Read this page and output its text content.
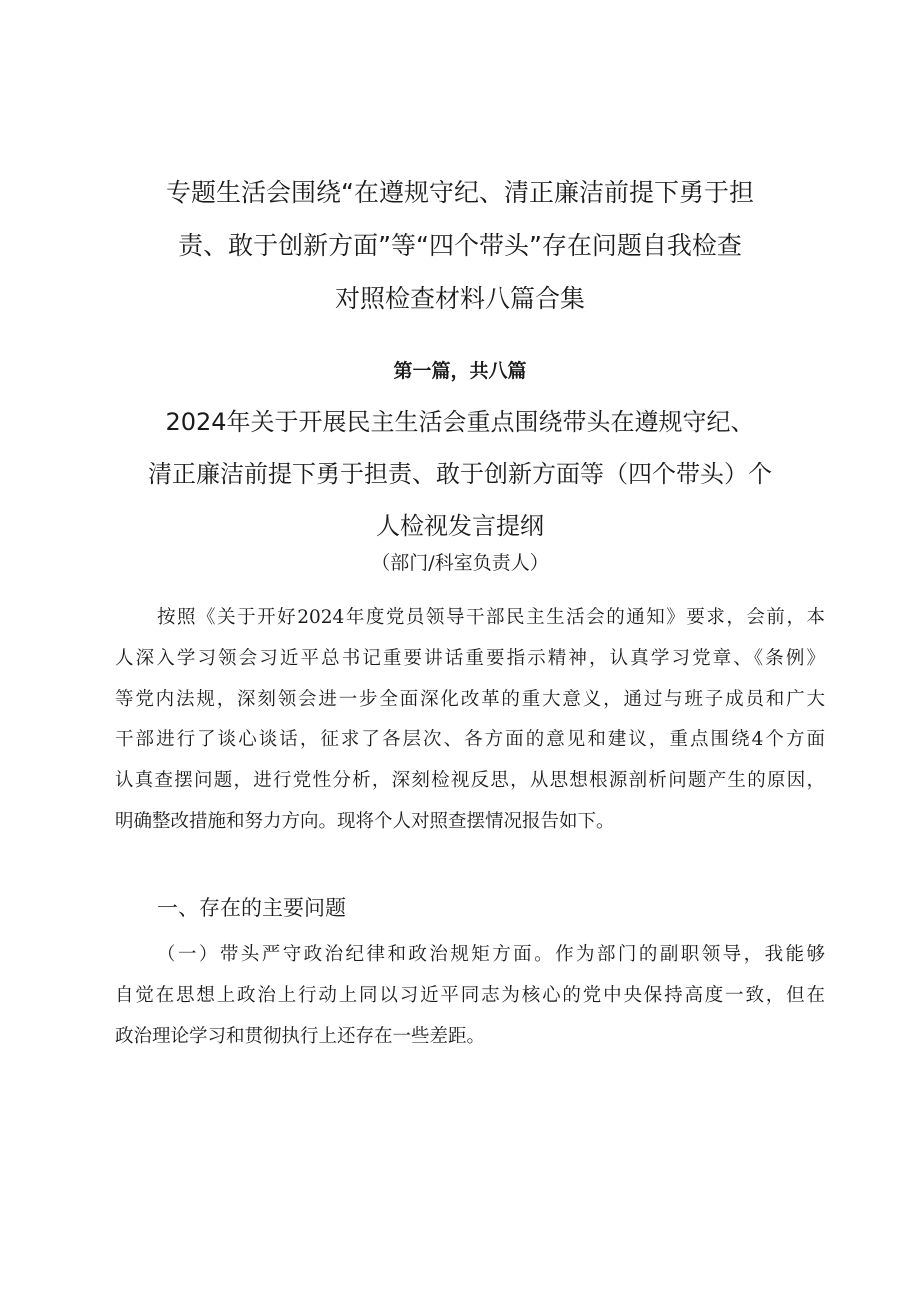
专题生活会围绕“在遵规守纪、清正廉洁前提下勇于担
责、敢于创新方面”等“四个带头”存在问题自我检查
对照检查材料八篇合集
第一篇，共八篇
2024年关于开展民主生活会重点围绕带头在遵规守纪、
清正廉洁前提下勇于担责、敢于创新方面等（四个带头）个
人检视发言提纲
（部门/科室负责人）
按照《关于开好2024年度党员领导干部民主生活会的通知》要求，会前，本
人深入学习领会习近平总书记重要讲话重要指示精神，认真学习党章、《条例》
等党内法规，深刻领会进一步全面深化改革的重大意义，通过与班子成员和广大
干部进行了谈心谈话，征求了各层次、各方面的意见和建议，重点围绕4个方面
认真查摆问题，进行党性分析，深刻检视反思，从思想根源剖析问题产生的原因，
明确整改措施和努力方向。现将个人对照查摆情况报告如下。
一、存在的主要问题
（一）带头严守政治纪律和政治规矩方面。作为部门的副职领导，我能够
自觉在思想上政治上行动上同以习近平同志为核心的党中央保持高度一致，但在
政治理论学习和贯彻执行上还存在一些差距。
